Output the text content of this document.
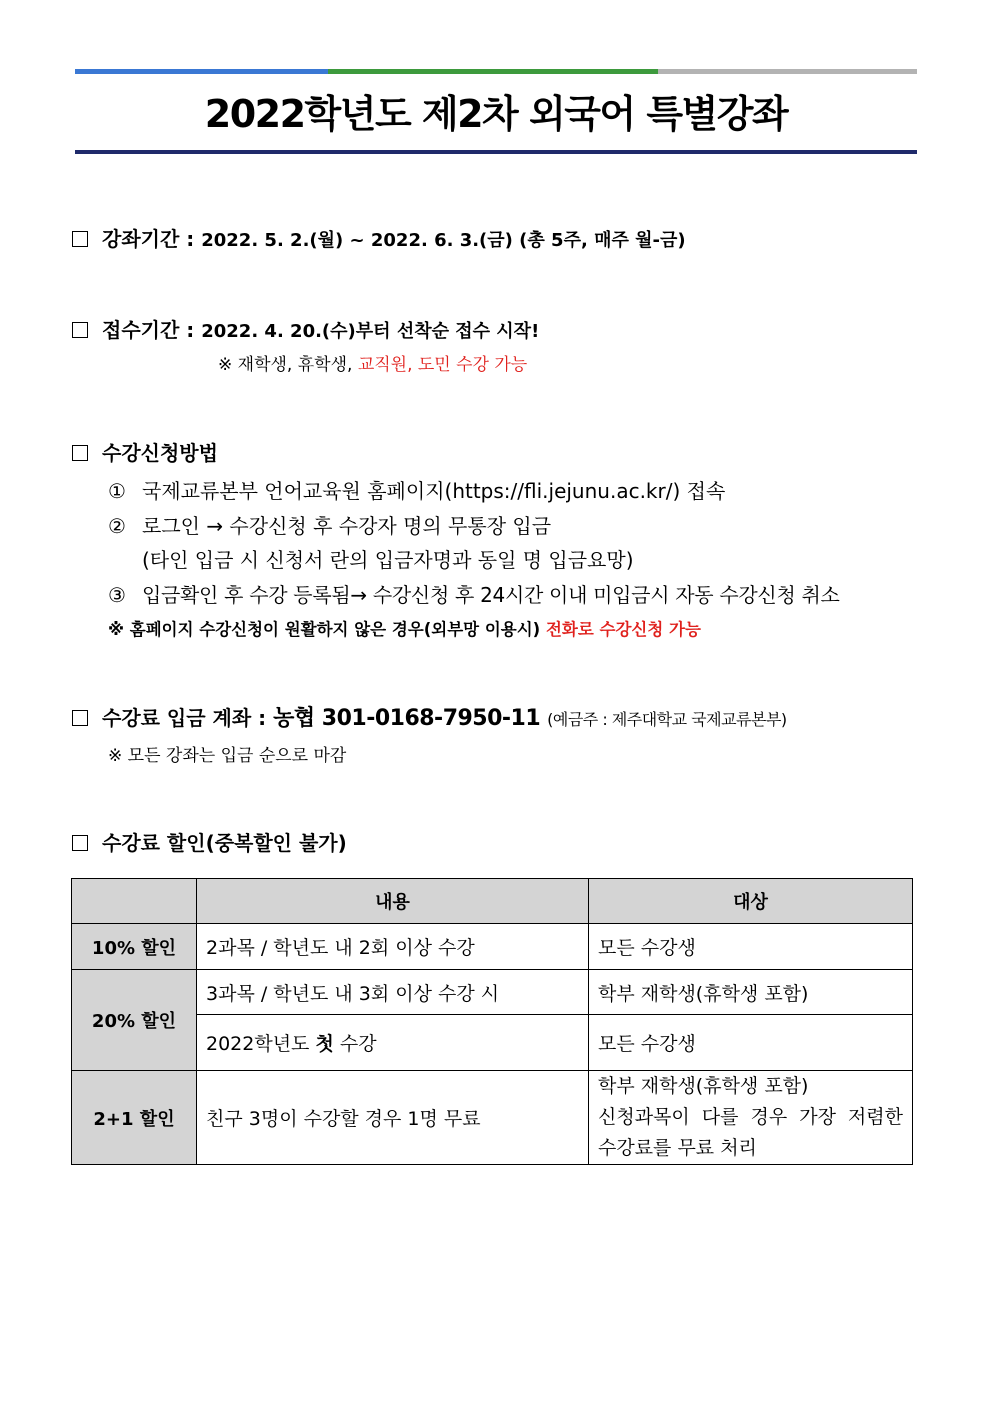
2022학년도 제2차 외국어 특별강좌
강좌기간 : 2022. 5. 2.(월) ~ 2022. 6. 3.(금) (총 5주, 매주 월-금)
접수기간 : 2022. 4. 20.(수)부터 선착순 접수 시작!
※ 재학생, 휴학생, 교직원, 도민 수강 가능
수강신청방법
① 국제교류본부 언어교육원 홈페이지(https://fli.jejunu.ac.kr/) 접속
② 로그인 → 수강신청 후 수강자 명의 무통장 입금
(타인 입금 시 신청서 란의 입금자명과 동일 명 입금요망)
③ 입금확인 후 수강 등록됨→ 수강신청 후 24시간 이내 미입금시 자동 수강신청 취소
※ 홈페이지 수강신청이 원활하지 않은 경우(외부망 이용시) 전화로 수강신청 가능
수강료 입금 계좌 : 농협 301-0168-7950-11 (예금주 : 제주대학교 국제교류본부)
※ 모든 강좌는 입금 순으로 마감
수강료 할인(중복할인 불가)
	내용	대상
10% 할인	2과목 / 학년도 내 2회 이상 수강	모든 수강생
20% 할인	3과목 / 학년도 내 3회 이상 수강 시	학부 재학생(휴학생 포함)
	2022학년도 첫 수강	모든 수강생
2+1 할인	친구 3명이 수강할 경우 1명 무료	학부 재학생(휴학생 포함)
신청과목이 다를 경우 가장 저렴한
수강료를 무료 처리
